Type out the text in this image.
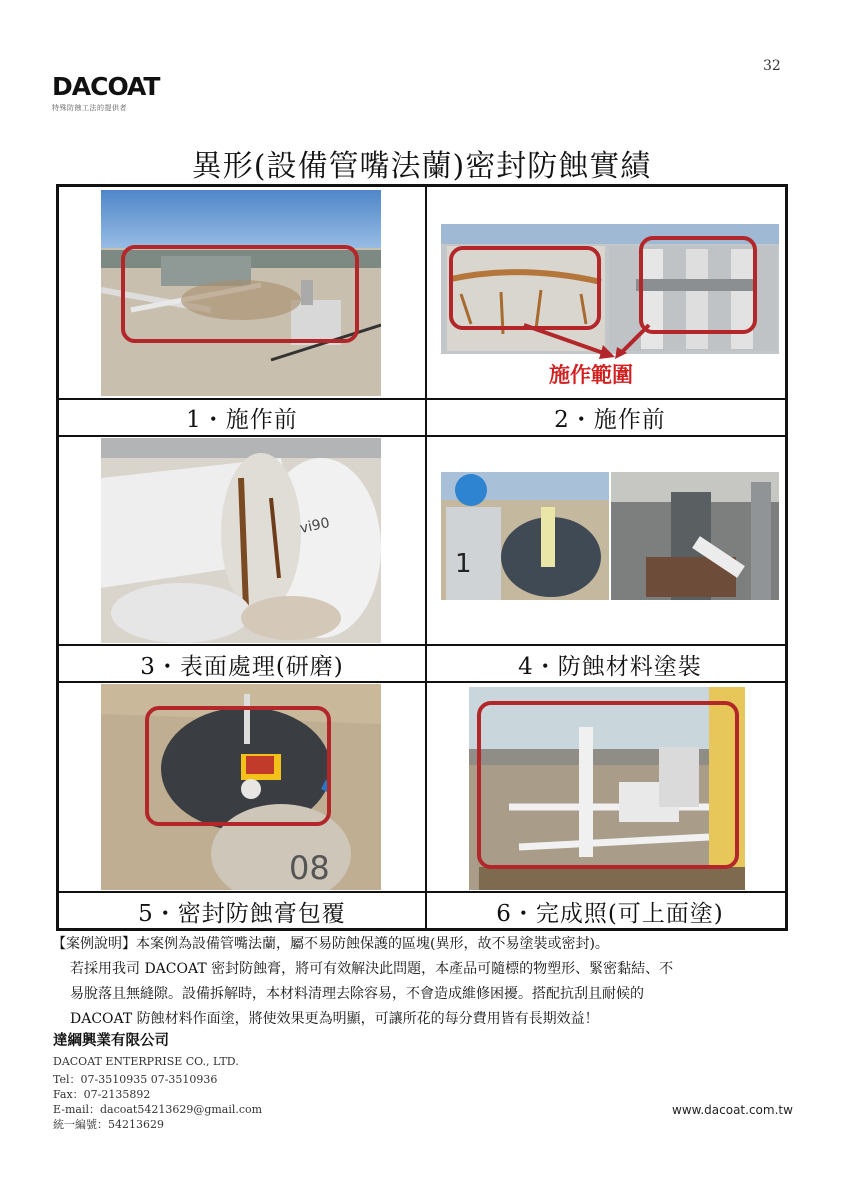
32
DACOAT
特殊防蝕工法的提供者
異形(設備管嘴法蘭)密封防蝕實績
施作範圍
1・施作前	2・施作前
vi90
1
3・表面處理(研磨)	4・防蝕材料塗裝
08
5・密封防蝕膏包覆	6・完成照(可上面塗)

【案例說明】本案例為設備管嘴法蘭，屬不易防蝕保護的區塊(異形，故不易塗裝或密封)。

若採用我司 DACOAT 密封防蝕膏，將可有效解決此問題，本產品可隨標的物塑形、緊密黏結、不

易脫落且無縫隙。設備拆解時，本材料清理去除容易，不會造成維修困擾。搭配抗刮且耐候的

DACOAT 防蝕材料作面塗，將使效果更為明顯，可讓所花的每分費用皆有長期效益！

達綱興業有限公司
DACOAT ENTERPRISE CO., LTD.
Tel：07-3510935 07-3510936
Fax：07-2135892
E-mail：dacoat54213629@gmail.com
統一編號：54213629
www.dacoat.com.tw
